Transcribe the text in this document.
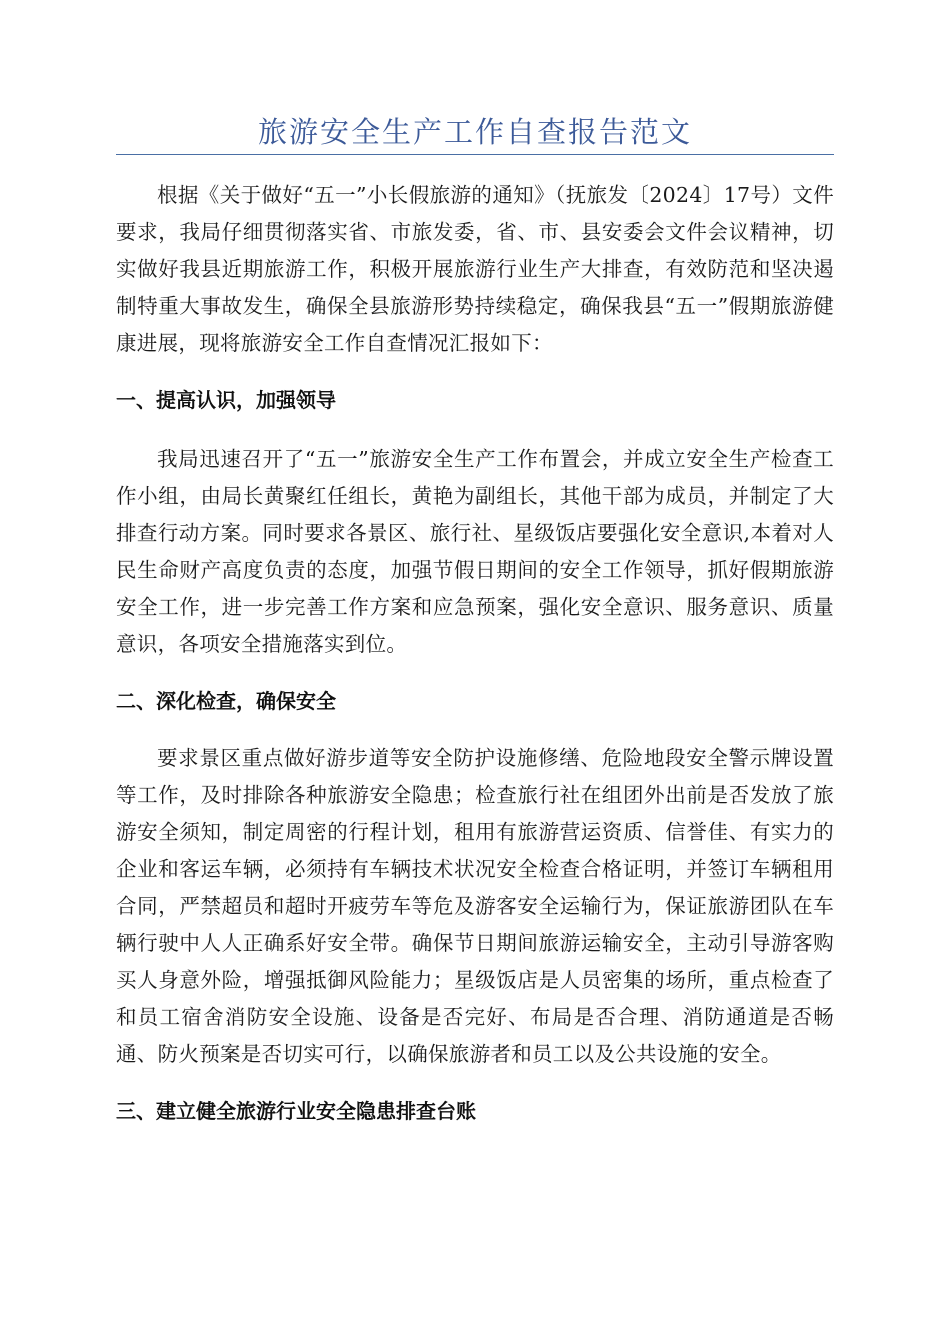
旅游安全生产工作自查报告范文

根据《关于做好“五一”小长假旅游的通知》（抚旅发〔2024〕17号）文件要求，我局仔细贯彻落实省、市旅发委，省、市、县安委会文件会议精神，切实做好我县近期旅游工作，积极开展旅游行业生产大排查，有效防范和坚决遏制特重大事故发生，确保全县旅游形势持续稳定，确保我县“五一”假期旅游健康进展，现将旅游安全工作自查情况汇报如下：

一、提高认识，加强领导

我局迅速召开了“五一”旅游安全生产工作布置会，并成立安全生产检查工作小组，由局长黄聚红任组长，黄艳为副组长，其他干部为成员，并制定了大排查行动方案。同时要求各景区、旅行社、星级饭店要强化安全意识,本着对人民生命财产高度负责的态度，加强节假日期间的安全工作领导，抓好假期旅游安全工作，进一步完善工作方案和应急预案，强化安全意识、服务意识、质量意识，各项安全措施落实到位。

二、深化检查，确保安全

要求景区重点做好游步道等安全防护设施修缮、危险地段安全警示牌设置等工作，及时排除各种旅游安全隐患；检查旅行社在组团外出前是否发放了旅游安全须知，制定周密的行程计划，租用有旅游营运资质、信誉佳、有实力的企业和客运车辆，必须持有车辆技术状况安全检查合格证明，并签订车辆租用合同，严禁超员和超时开疲劳车等危及游客安全运输行为，保证旅游团队在车辆行驶中人人正确系好安全带。确保节日期间旅游运输安全，主动引导游客购买人身意外险，增强抵御风险能力；星级饭店是人员密集的场所，重点检查了和员工宿舍消防安全设施、设备是否完好、布局是否合理、消防通道是否畅通、防火预案是否切实可行，以确保旅游者和员工以及公共设施的安全。

三、建立健全旅游行业安全隐患排查台账
